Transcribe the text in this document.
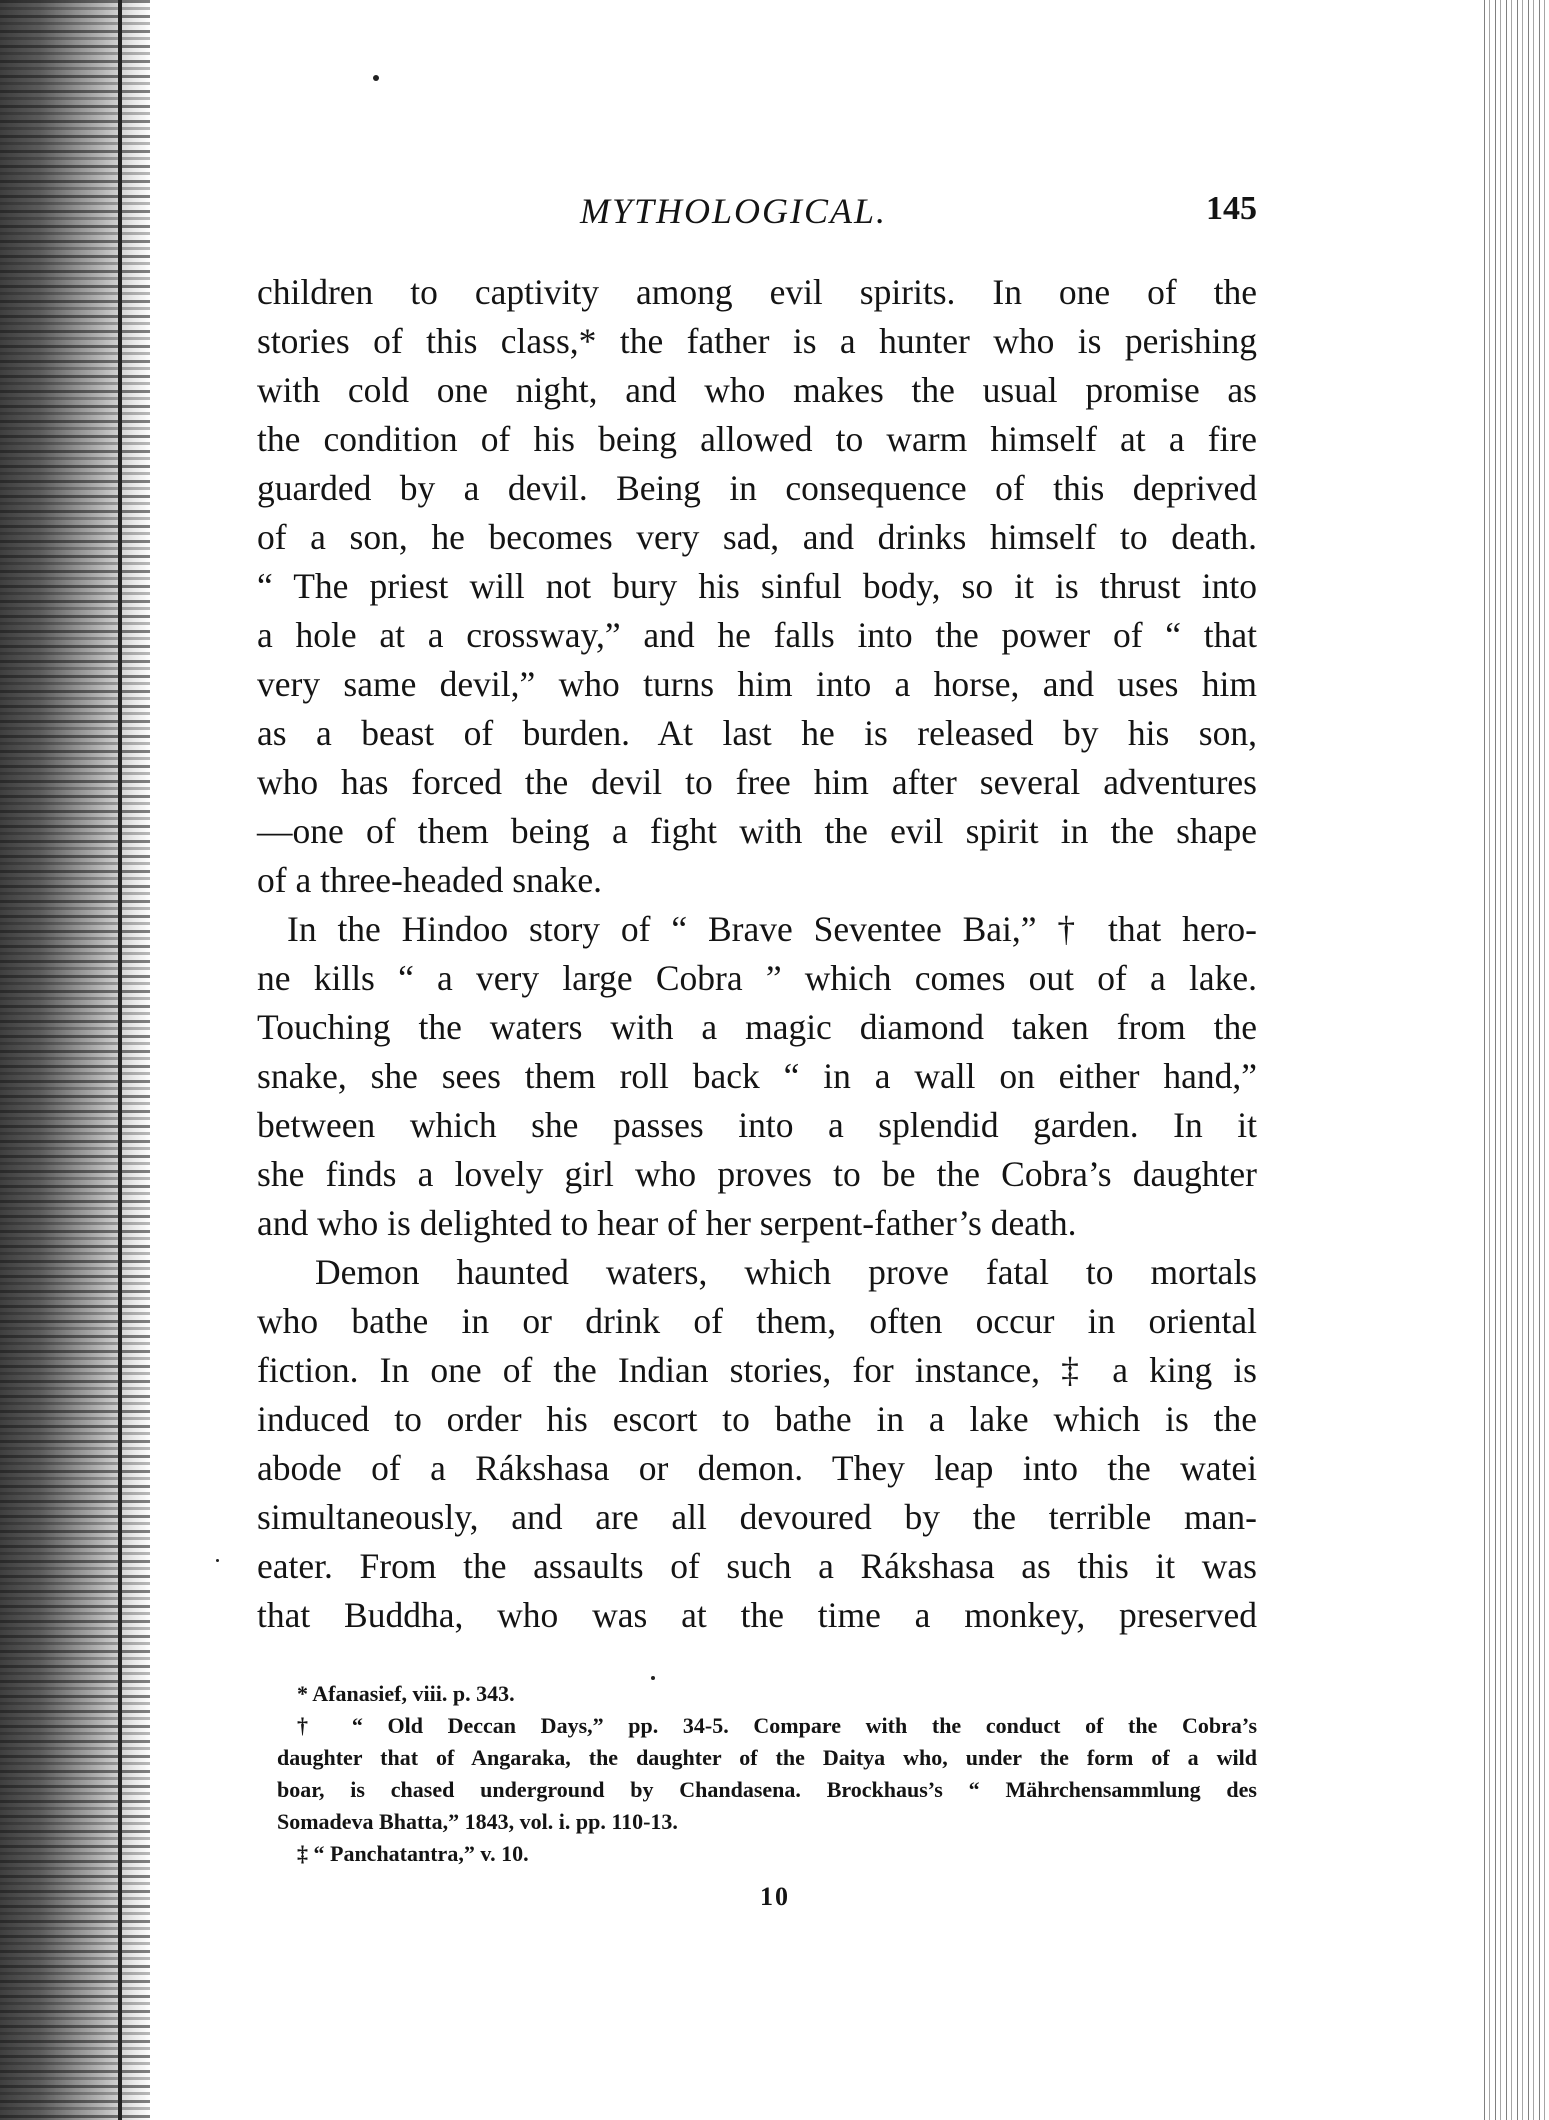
MYTHOLOGICAL.	145

children to captivity among evil spirits. In one of the

stories of this class,* the father is a hunter who is perishing

with cold one night, and who makes the usual promise as

the condition of his being allowed to warm himself at a fire

guarded by a devil. Being in consequence of this deprived

of a son, he becomes very sad, and drinks himself to death.

“ The priest will not bury his sinful body, so it is thrust into

a hole at a crossway,” and he falls into the power of “ that

very same devil,” who turns him into a horse, and uses him

as a beast of burden. At last he is released by his son,

who has forced the devil to free him after several adventures

—one of them being a fight with the evil spirit in the shape

of a three-headed snake.

In the Hindoo story of “ Brave Seventee Bai,” † that hero-

ne kills “ a very large Cobra ” which comes out of a lake.

Touching the waters with a magic diamond taken from the

snake, she sees them roll back “ in a wall on either hand,”

between which she passes into a splendid garden. In it

she finds a lovely girl who proves to be the Cobra’s daughter

and who is delighted to hear of her serpent-father’s death.

Demon haunted waters, which prove fatal to mortals

who bathe in or drink of them, often occur in oriental

fiction. In one of the Indian stories, for instance, ‡ a king is

induced to order his escort to bathe in a lake which is the

abode of a Rákshasa or demon. They leap into the watei

simultaneously, and are all devoured by the terrible man-

eater. From the assaults of such a Rákshasa as this it was

that Buddha, who was at the time a monkey, preserved

* Afanasief, viii. p. 343.

† “ Old Deccan Days,” pp. 34-5. Compare with the conduct of the Cobra’s

daughter that of Angaraka, the daughter of the Daitya who, under the form of a wild

boar, is chased underground by Chandasena. Brockhaus’s “ Mährchensammlung des

Somadeva Bhatta,” 1843, vol. i. pp. 110-13.

‡ “ Panchatantra,” v. 10.

10
